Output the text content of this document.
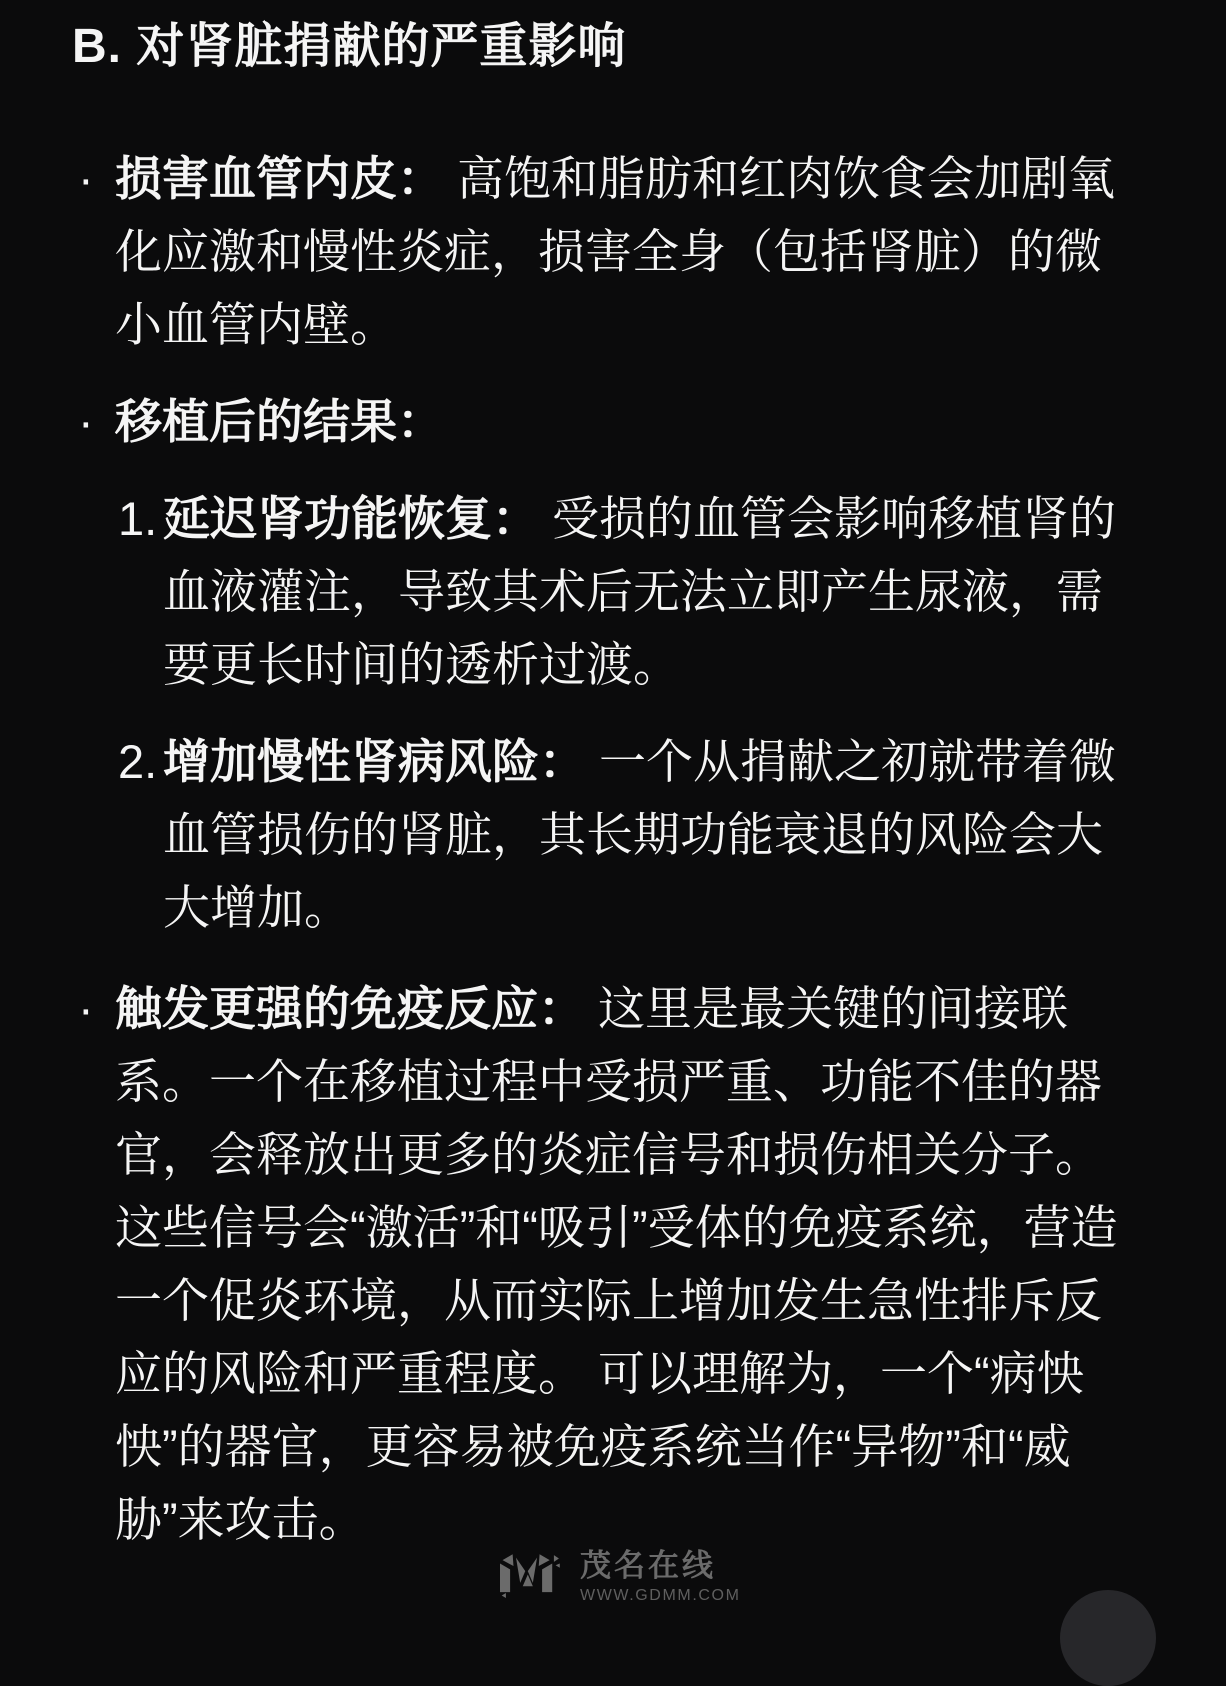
B. 对肾脏捐献的严重影响
· 损害血管内皮： 高饱和脂肪和红肉饮食会加剧氧化应激和慢性炎症，损害全身（包括肾脏）的微小血管内壁。
· 移植后的结果：
1. 延迟肾功能恢复： 受损的血管会影响移植肾的血液灌注，导致其术后无法立即产生尿液，需要更长时间的透析过渡。
2. 增加慢性肾病风险： 一个从捐献之初就带着微血管损伤的肾脏，其长期功能衰退的风险会大大增加。
· 触发更强的免疫反应： 这里是最关键的间接联系。一个在移植过程中受损严重、功能不佳的器官，会释放出更多的炎症信号和损伤相关分子。这些信号会“激活”和“吸引”受体的免疫系统，营造一个促炎环境，从而实际上增加发生急性排斥反应的风险和严重程度。 可以理解为，一个“病怏怏”的器官，更容易被免疫系统当作“异物”和“威胁”来攻击。
茂名在线
WWW.GDMM.COM
